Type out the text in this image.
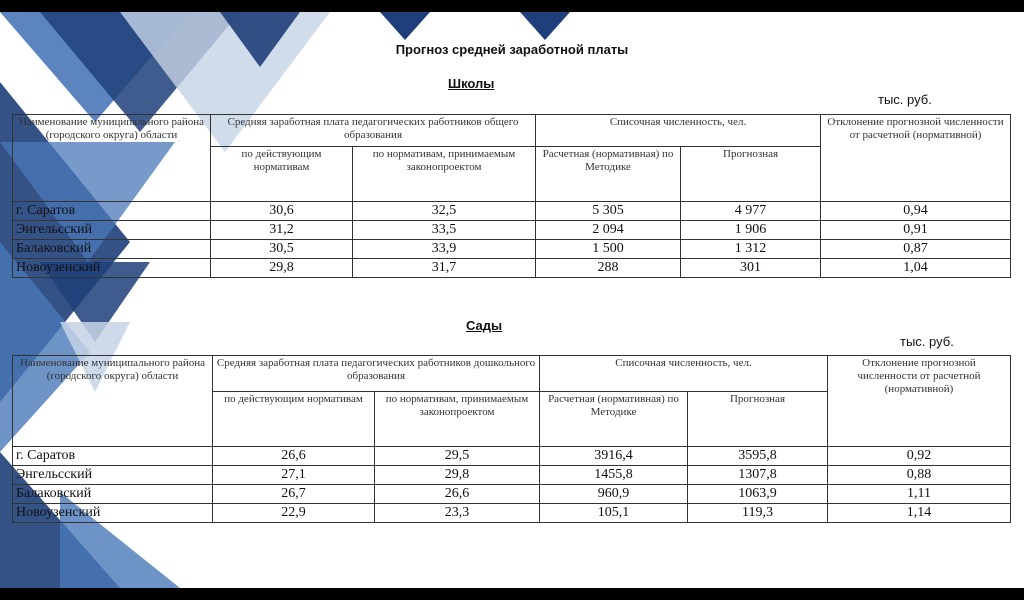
Прогноз средней заработной платы
Школы
тыс. руб.
Наименование муниципального района (городского округа) области	Средняя заработная плата педагогических работников общего образования		Списочная численность, чел.		Отклонение прогнозной численности от расчетной (нормативной)
	по действующим нормативам	по нормативам, принимаемым законопроектом	Расчетная (нормативная) по Методике	Прогнозная	
г. Саратов	30,6	32,5	5 305	4 977	0,94
Энгельсский	31,2	33,5	2 094	1 906	0,91
Балаковский	30,5	33,9	1 500	1 312	0,87
Новоузенский	29,8	31,7	288	301	1,04
Сады
тыс. руб.
Наименование муниципального района (городского округа) области	Средняя заработная плата педагогических работников дошкольного образования		Списочная численность, чел.		Отклонение прогнозной численности от расчетной (нормативной)
	по действующим нормативам	по нормативам, принимаемым законопроектом	Расчетная (нормативная) по Методике	Прогнозная	
г. Саратов	26,6	29,5	3916,4	3595,8	0,92
Энгельсский	27,1	29,8	1455,8	1307,8	0,88
Балаковский	26,7	26,6	960,9	1063,9	1,11
Новоузенский	22,9	23,3	105,1	119,3	1,14
